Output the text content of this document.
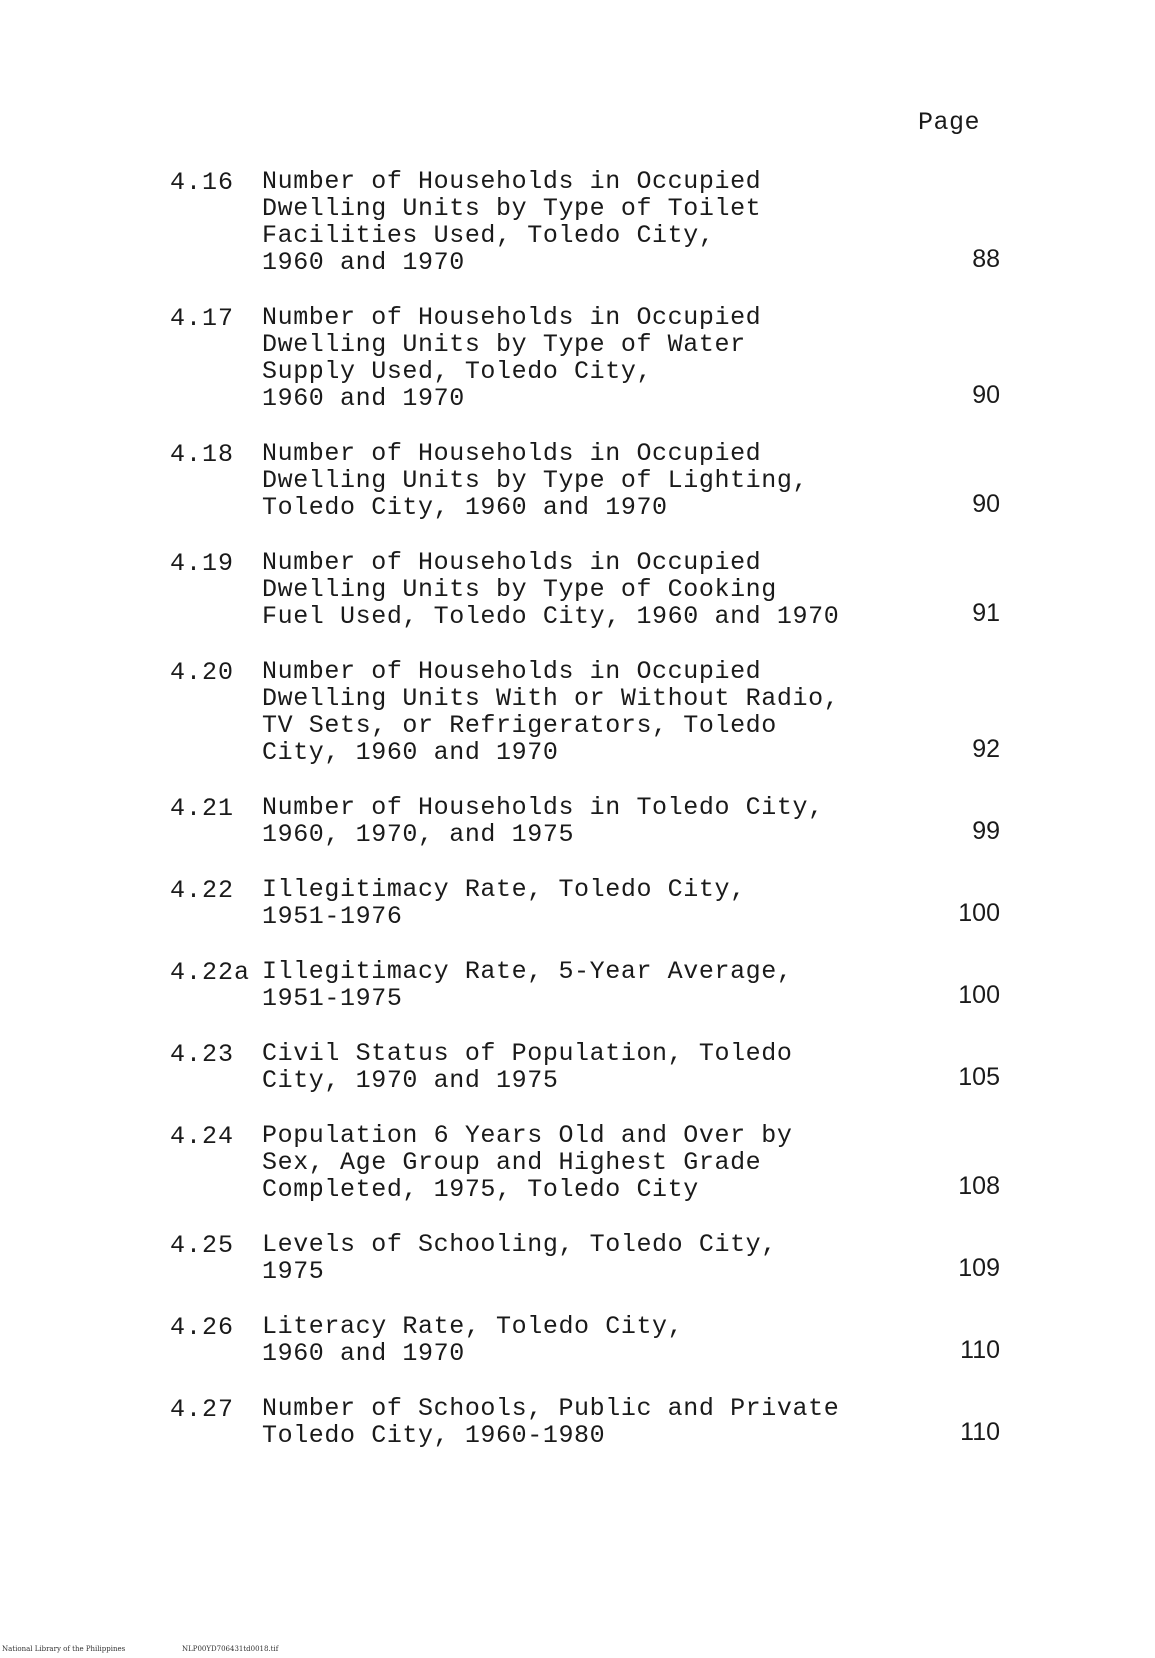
Page
4.16	Number of Households in Occupied
Dwelling Units by Type of Toilet
Facilities Used, Toledo City,
1960 and 1970	88
4.17	Number of Households in Occupied
Dwelling Units by Type of Water
Supply Used, Toledo City,
1960 and 1970	90
4.18	Number of Households in Occupied
Dwelling Units by Type of Lighting,
Toledo City, 1960 and 1970	90
4.19	Number of Households in Occupied
Dwelling Units by Type of Cooking
Fuel Used, Toledo City, 1960 and 1970	91
4.20	Number of Households in Occupied
Dwelling Units With or Without Radio,
TV Sets, or Refrigerators, Toledo
City, 1960 and 1970	92
4.21	Number of Households in Toledo City,
1960, 1970, and 1975	99
4.22	Illegitimacy Rate, Toledo City,
1951-1976	100
4.22a Illegitimacy Rate, 5-Year Average,
1951-1975	100
4.23	Civil Status of Population, Toledo
City, 1970 and 1975	105
4.24	Population 6 Years Old and Over by
Sex, Age Group and Highest Grade
Completed, 1975, Toledo City	108
4.25	Levels of Schooling, Toledo City,
1975	109
4.26	Literacy Rate, Toledo City,
1960 and 1970	110
4.27	Number of Schools, Public and Private
Toledo City, 1960-1980	110
National Library of the Philippines	NLP00YD706431td0018.tif
